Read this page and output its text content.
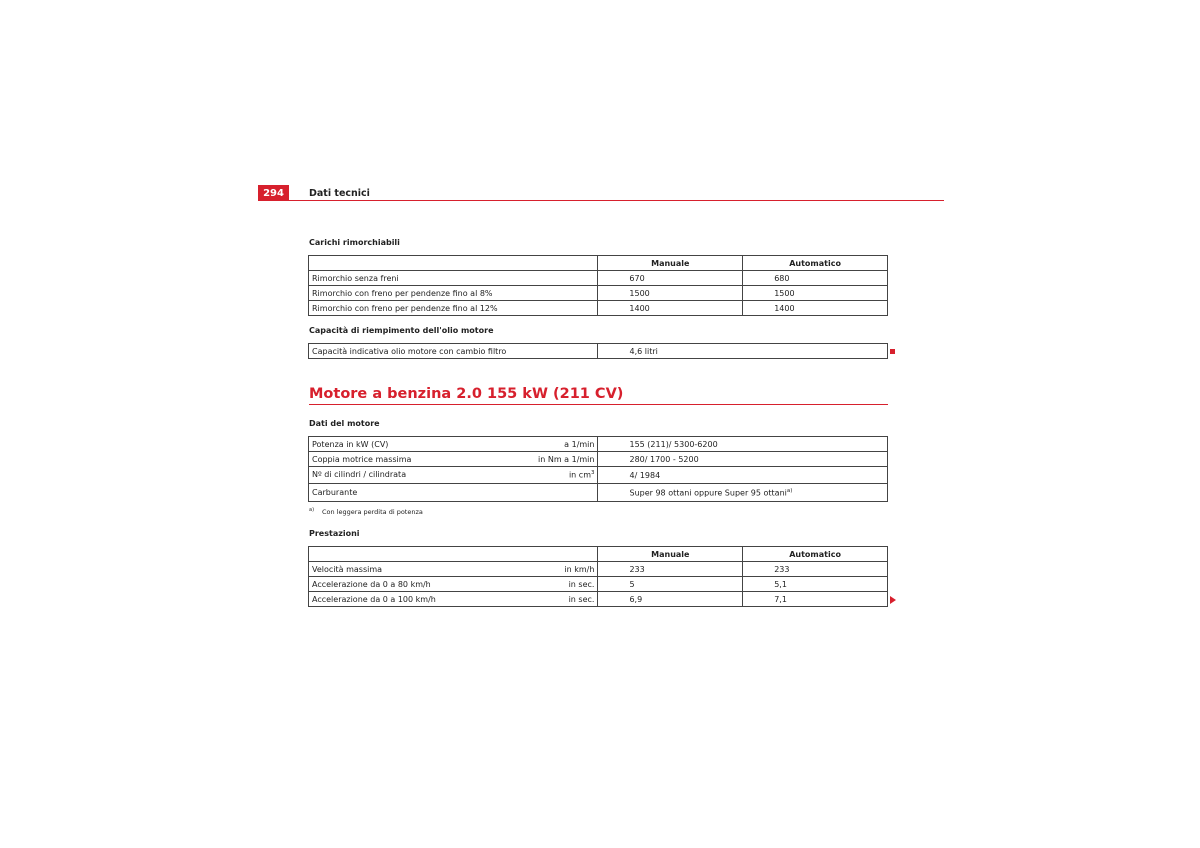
294	Dati tecnici
Carichi rimorchiabili
	Manuale	Automatico
Rimorchio senza freni	670	680
Rimorchio con freno per pendenze fino al 8%	1500	1500
Rimorchio con freno per pendenze fino al 12%	1400	1400
Capacità di riempimento dell'olio motore
Capacità indicativa olio motore con cambio filtro	4,6 litri
Motore a benzina 2.0 155 kW (211 CV)
Dati del motore
Potenza in kW (CV) a 1/min	155 (211)/ 5300-6200

Coppia motrice massima in Nm a 1/min	280/ 1700 - 5200

Nº di cilindri / cilindrata in $cm^3$	4/ 1984

Carburante	Super 98 ottani oppure Super 95 ottani$^{a)}$
$^{a)}$ Con leggera perdita di potenza
Prestazioni
	Manuale	Automatico

Velocità massima in km/h	233	233

Accelerazione da 0 a 80 km/h in sec.	5	5,1

Accelerazione da 0 a 100 km/h in sec.	6,9	7,1
